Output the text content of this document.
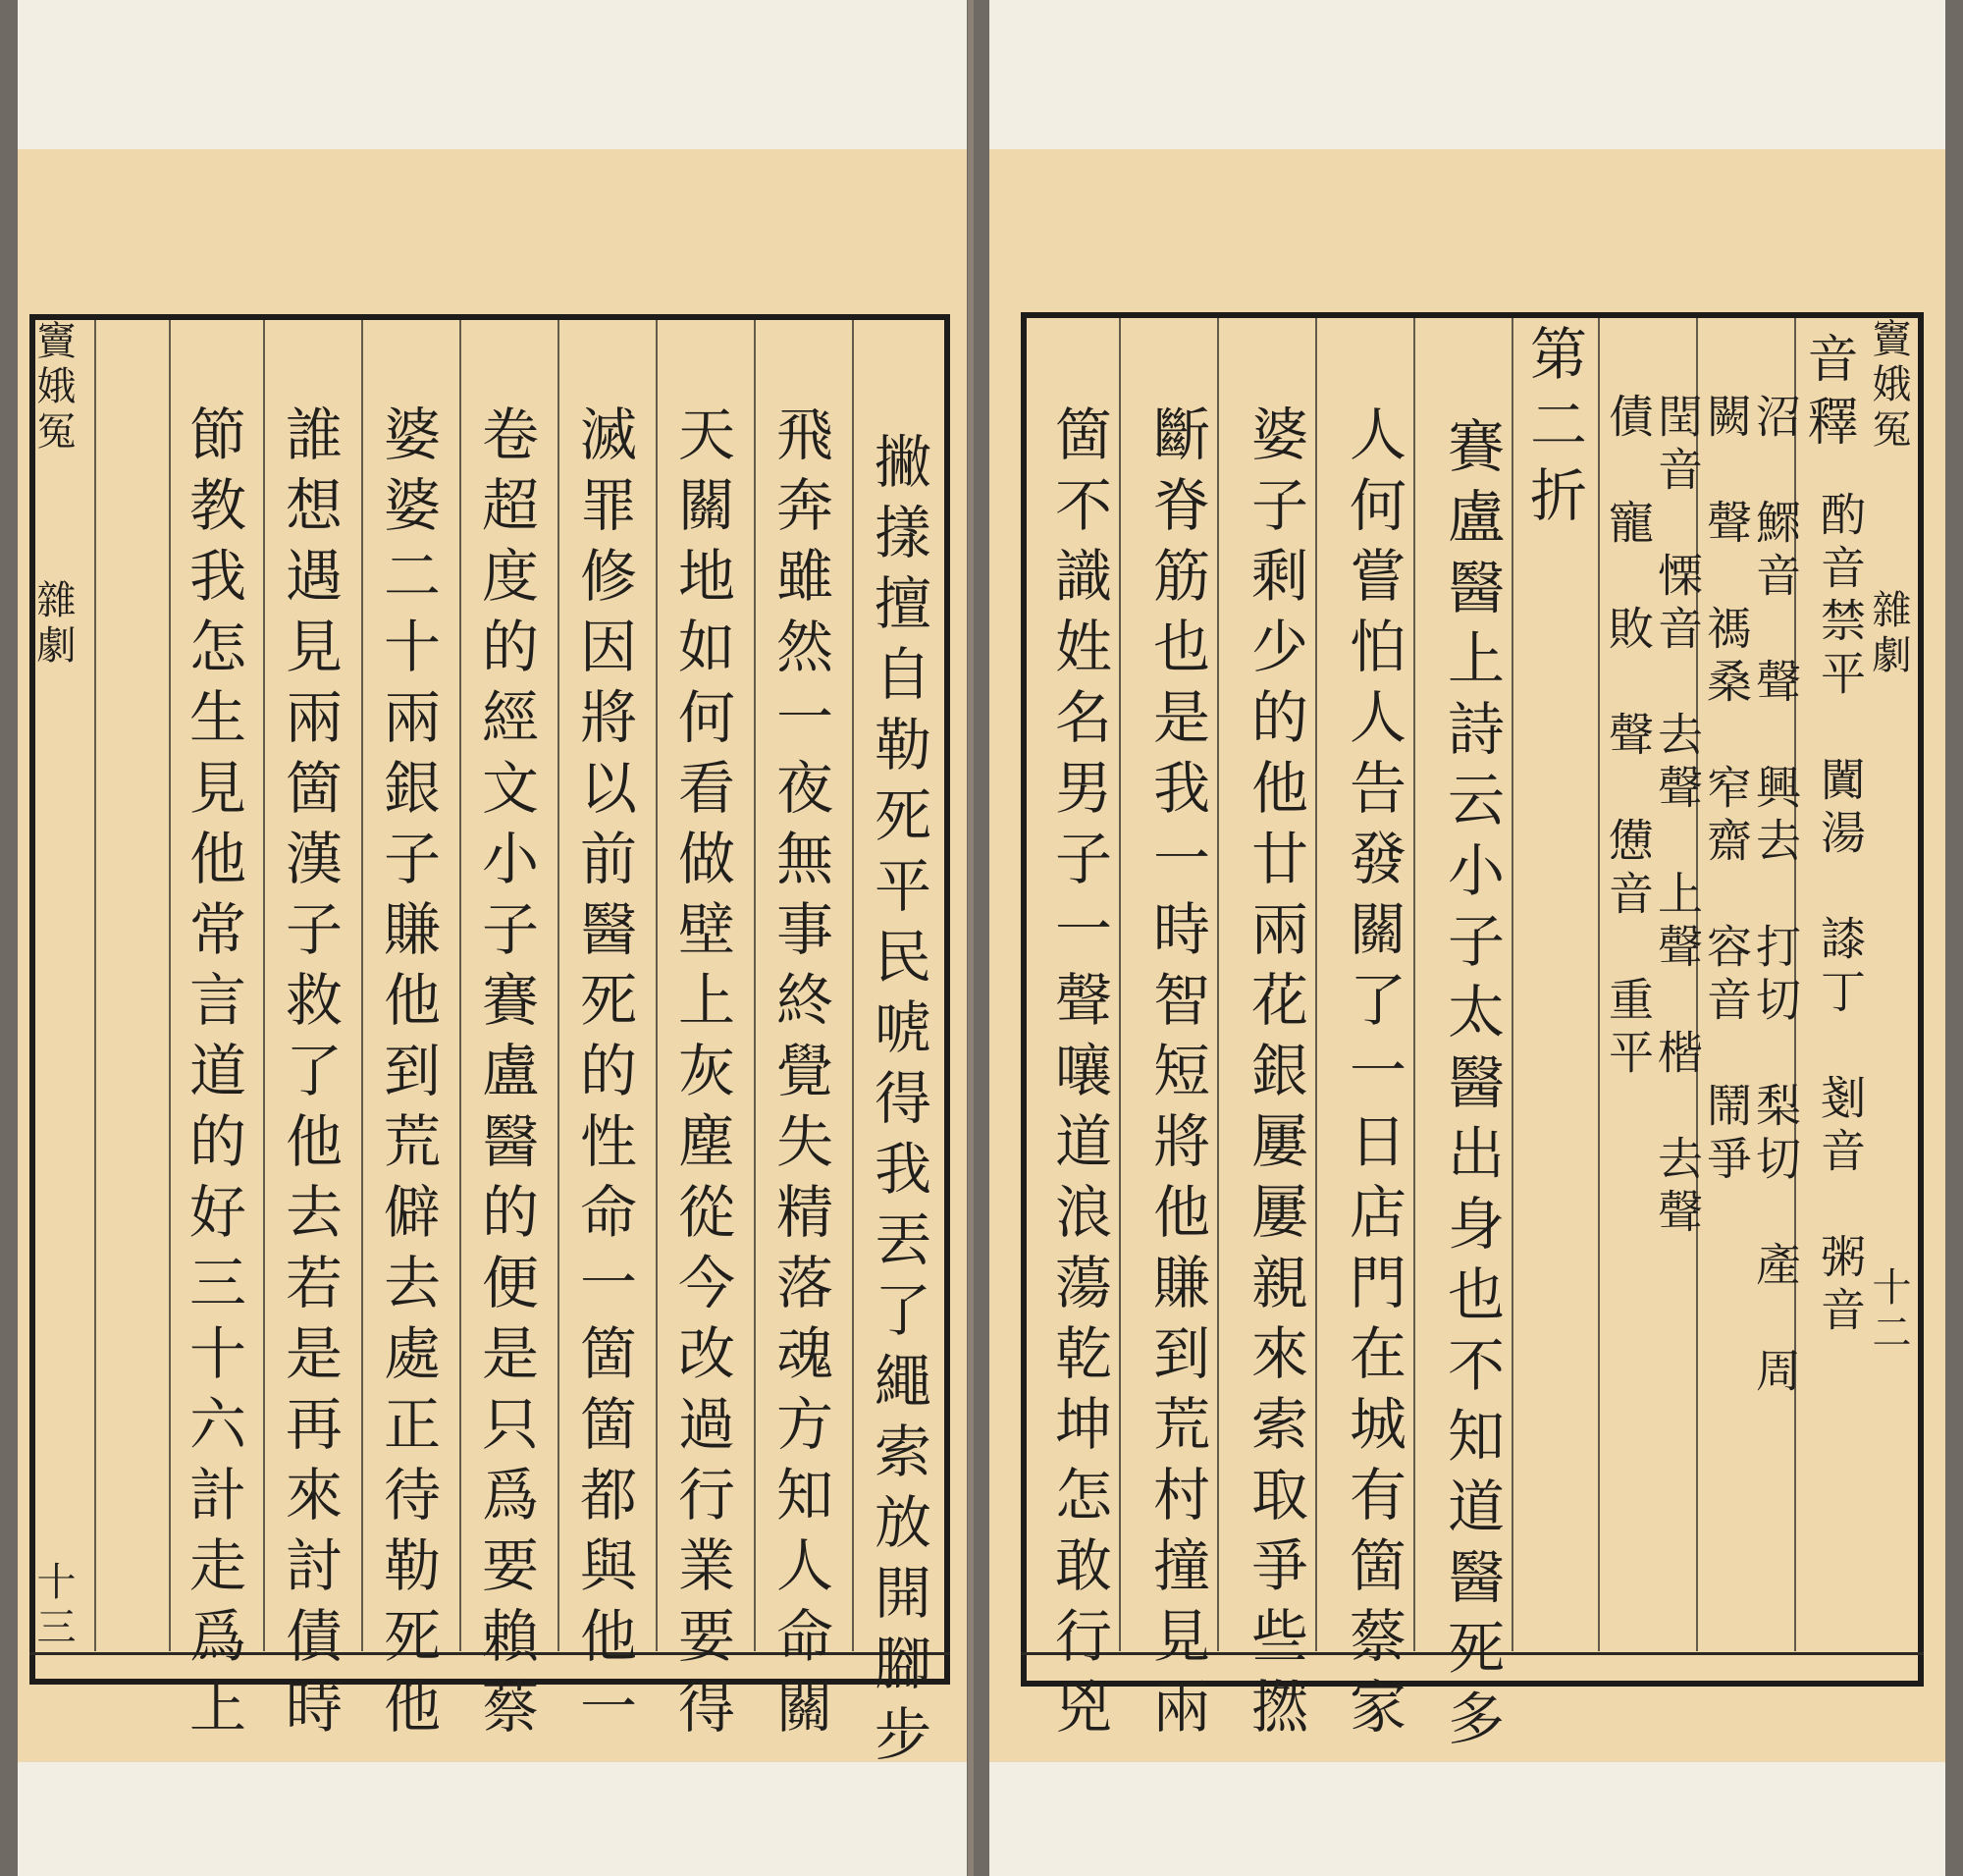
撇㨾擅自勒死平民唬得我丟了繩索放開腳步
飛奔雖然一夜無事終覺失精落魂方知人命關
天關地如何看做壁上灰塵從今改過行業要得
滅罪修因將以前醫死的性命一箇箇都與他一
卷超度的經文小子賽盧醫的便是只爲要賴蔡
婆婆二十兩銀子賺他到荒僻去處正待勒死他
誰想遇見兩箇漢子救了他去若是再來討債時
節教我怎生見他常言道的好三十六計走爲上
竇娥冤
雜劇
十三
竇娥冤
雜劇
十二
音釋
酌音禁平　闐湯　䜉丁　剗音　粥音
沼　鰥音　聲　興去　打切　梨切　產　周
闕　聲　禡桑　窄齋　容音　鬧爭
閏音　慄音　去聲　上聲　楷　去聲
債　寵　敗　聲　憊音　重平
第二折
賽盧醫上詩云小子太醫出身也不知道醫死多
人何嘗怕人告發關了一日店門在城有箇蔡家
婆子剩少的他廿兩花銀屢屢親來索取爭些撚
斷脊筋也是我一時智短將他賺到荒村撞見兩
箇不識姓名男子一聲嚷道浪蕩乾坤怎敢行兇
